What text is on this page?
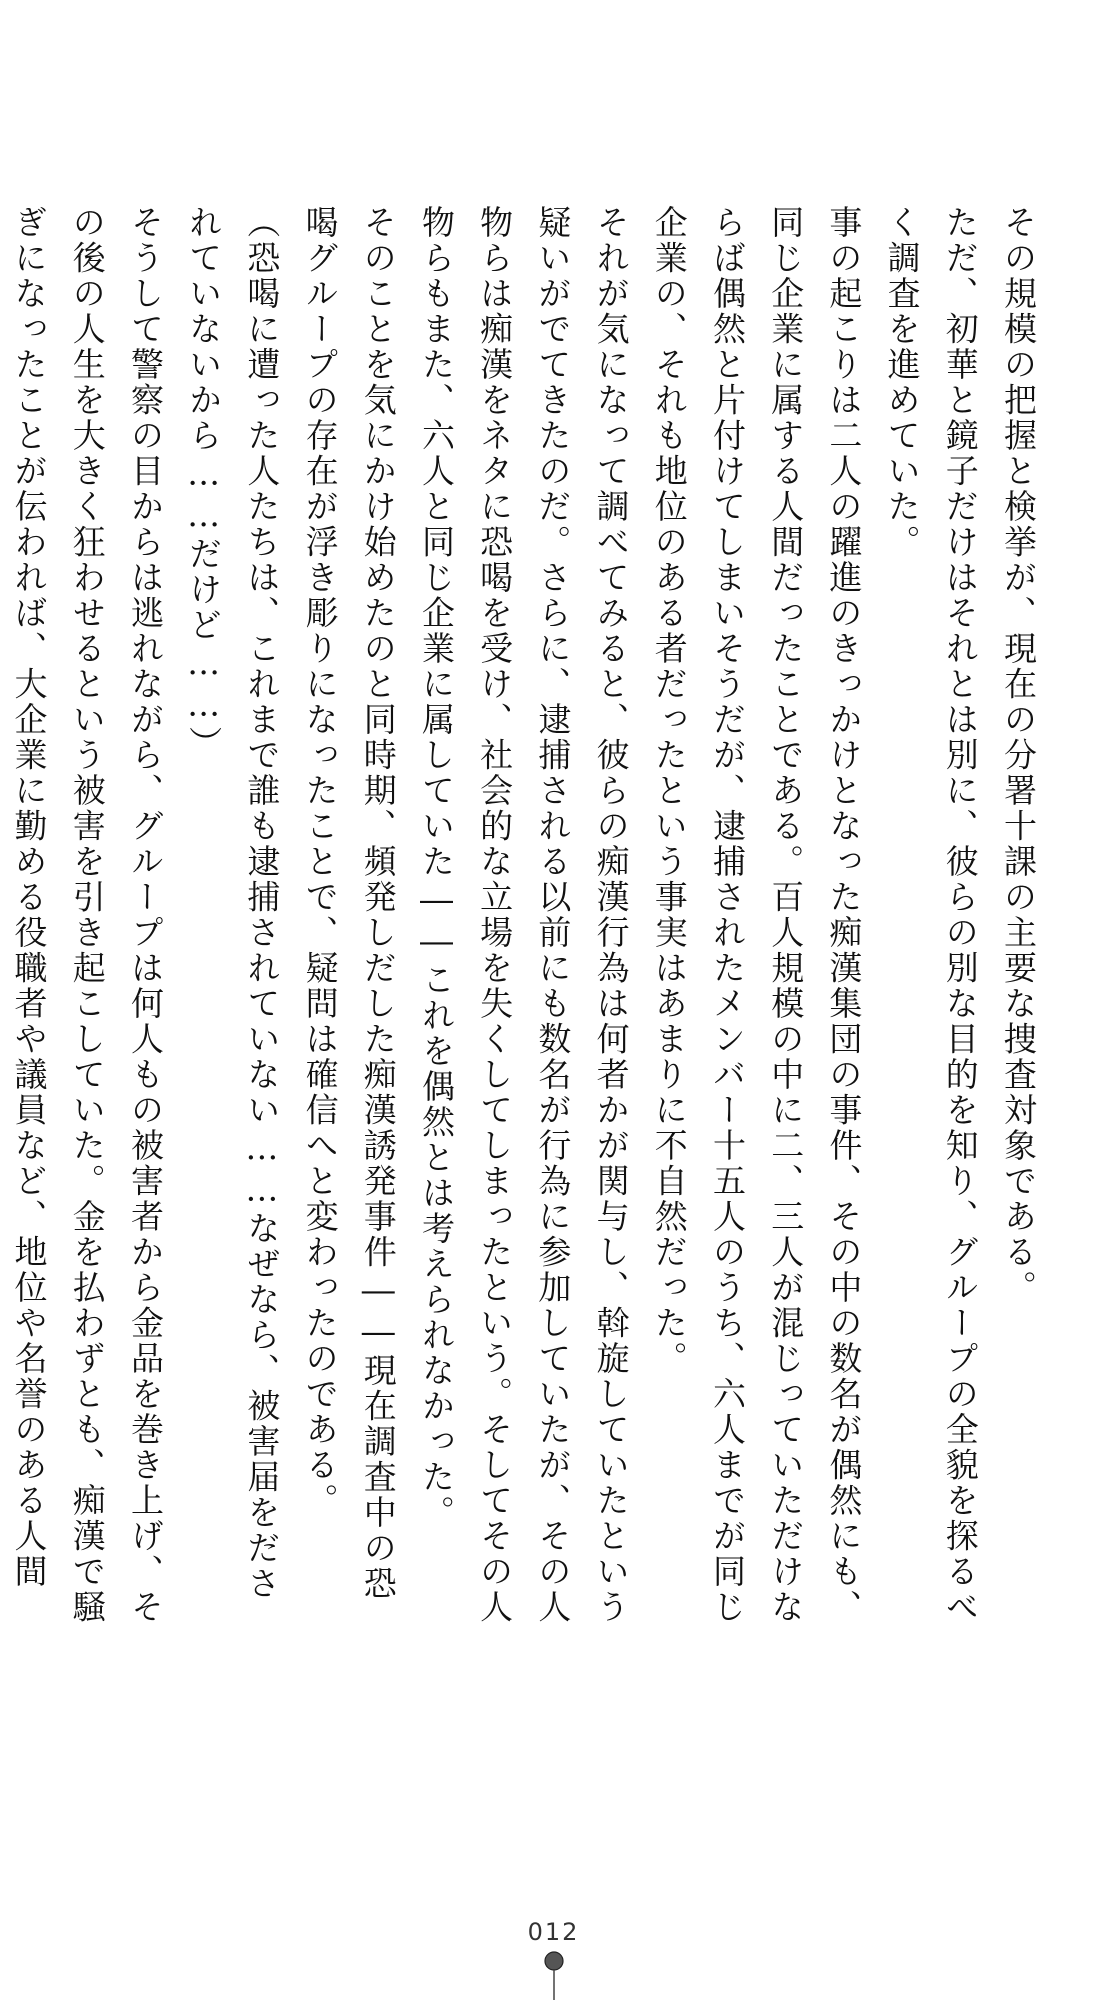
その規模の把握と検挙が、現在の分署十課の主要な捜査対象である。

ただ、初華と鏡子だけはそれとは別に、彼らの別な目的を知り、グループの全貌を探るべく調査を進めていた。

事の起こりは二人の躍進のきっかけとなった痴漢集団の事件、その中の数名が偶然にも、同じ企業に属する人間だったことである。百人規模の中に二、三人が混じっていただけならば偶然と片付けてしまいそうだが、逮捕されたメンバー十五人のうち、六人までが同じ企業の、それも地位のある者だったという事実はあまりに不自然だった。

それが気になって調べてみると、彼らの痴漢行為は何者かが関与し、斡旋していたという疑いがでてきたのだ。さらに、逮捕される以前にも数名が行為に参加していたが、その人物らは痴漢をネタに恐喝を受け、社会的な立場を失くしてしまったという。そしてその人物らもまた、六人と同じ企業に属していた――これを偶然とは考えられなかった。

そのことを気にかけ始めたのと同時期、頻発しだした痴漢誘発事件――現在調査中の恐喝グループの存在が浮き彫りになったことで、疑問は確信へと変わったのである。

（恐喝に遭った人たちは、これまで誰も逮捕されていない……なぜなら、被害届をだされていないから……だけど……）

そうして警察の目からは逃れながら、グループは何人もの被害者から金品を巻き上げ、その後の人生を大きく狂わせるという被害を引き起こしていた。金を払わずとも、痴漢で騒ぎになったことが伝われば、大企業に勤める役職者や議員など、地位や名誉のある人間

012
